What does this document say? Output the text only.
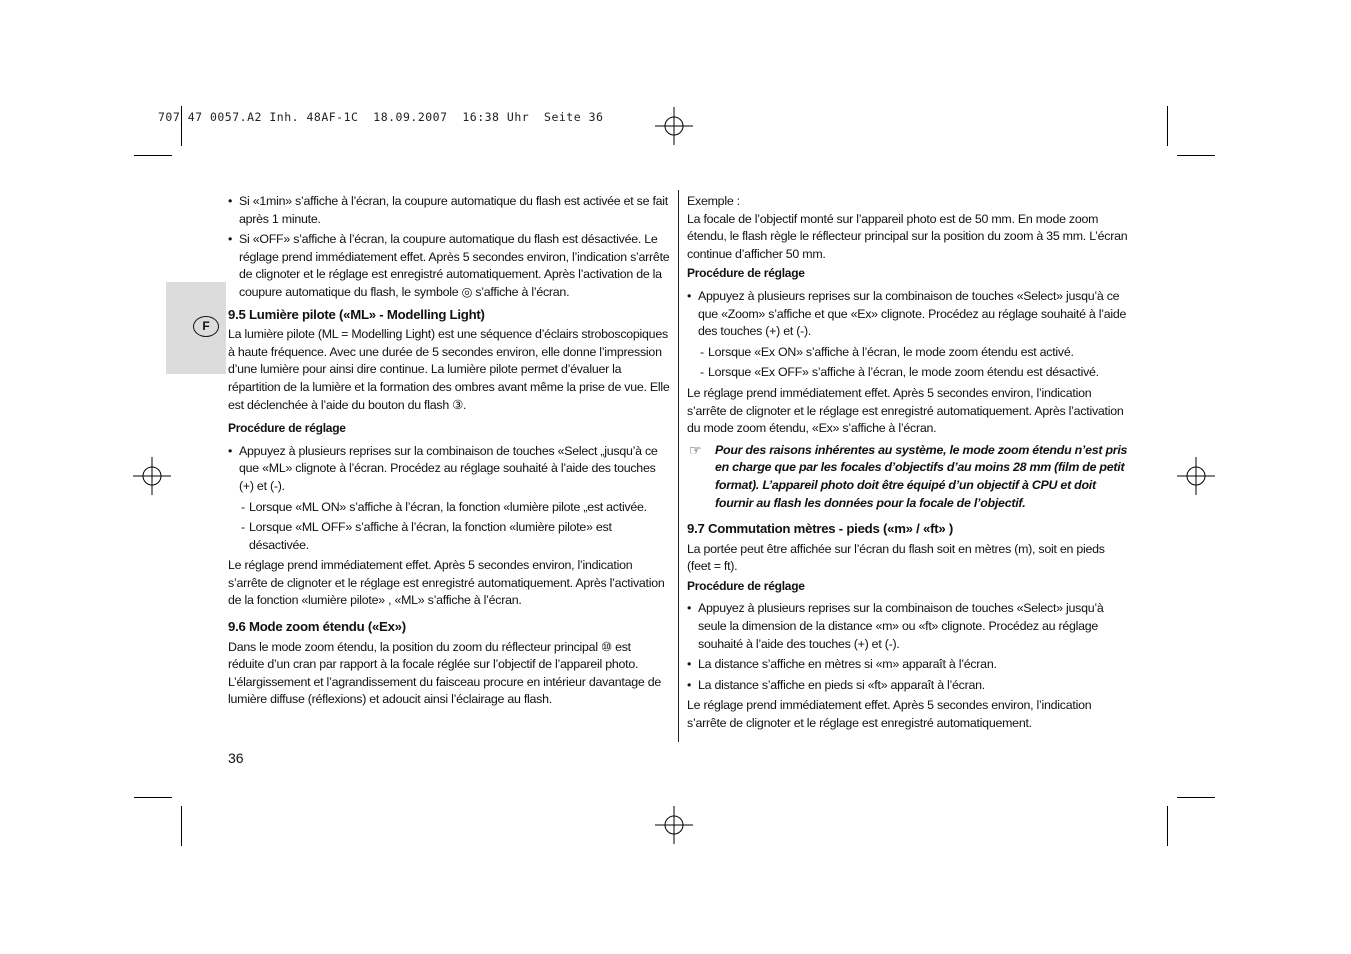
707 47 0057.A2 Inh. 48AF-1C  18.09.2007  16:38 Uhr  Seite 36
F

• Si «1min» s’affiche à l’écran, la coupure automatique du flash est activée et se fait après 1 minute.

• Si «OFF» s’affiche à l’écran, la coupure automatique du flash est désactivée. Le réglage prend immédiatement effet. Après 5 secondes environ, l’indication s’arrête de clignoter et le réglage est enregistré automatiquement. Après l’activation de la coupure automatique du flash, le symbole ◎ s’affiche à l’écran.

9.5 Lumière pilote («ML» - Modelling Light)

La lumière pilote (ML = Modelling Light) est une séquence d’éclairs stroboscopiques à haute fréquence. Avec une durée de 5 secondes environ, elle donne l’impression d’une lumière pour ainsi dire continue. La lumière pilote permet d’évaluer la répartition de la lumière et la formation des ombres avant même la prise de vue. Elle est déclenchée à l’aide du bouton du flash ③.

Procédure de réglage

• Appuyez à plusieurs reprises sur la combinaison de touches «Select „jusqu’à ce que «ML» clignote à l’écran. Procédez au réglage souhaité à l’aide des touches (+) et (-).

- Lorsque «ML ON» s’affiche à l’écran, la fonction «lumière pilote „est activée.

- Lorsque «ML OFF» s’affiche à l’écran, la fonction «lumière pilote» est désactivée.

Le réglage prend immédiatement effet. Après 5 secondes environ, l’indication s’arrête de clignoter et le réglage est enregistré automatiquement. Après l’activation de la fonction «lumière pilote» , «ML» s’affiche à l’écran.

9.6 Mode zoom étendu («Ex»)

Dans le mode zoom étendu, la position du zoom du réflecteur principal ⑩ est réduite d’un cran par rapport à la focale réglée sur l’objectif de l’appareil photo. L’élargissement et l’agrandissement du faisceau procure en intérieur davantage de lumière diffuse (réflexions) et adoucit ainsi l’éclairage au flash.

Exemple :

La focale de l’objectif monté sur l’appareil photo est de 50 mm. En mode zoom étendu, le flash règle le réflecteur principal sur la position du zoom à 35 mm. L’écran continue d’afficher 50 mm.

Procédure de réglage

• Appuyez à plusieurs reprises sur la combinaison de touches «Select» jusqu’à ce que «Zoom» s’affiche et que «Ex» clignote. Procédez au réglage souhaité à l’aide des touches (+) et (-).

- Lorsque «Ex ON» s’affiche à l’écran, le mode zoom étendu est activé.

- Lorsque «Ex OFF» s’affiche à l’écran, le mode zoom étendu est désactivé.

Le réglage prend immédiatement effet. Après 5 secondes environ, l’indication s’arrête de clignoter et le réglage est enregistré automatiquement. Après l’activation du mode zoom étendu, «Ex» s’affiche à l’écran.

☞ Pour des raisons inhérentes au système, le mode zoom étendu n’est pris en charge que par les focales d’objectifs d’au moins 28 mm (film de petit format). L’appareil photo doit être équipé d’un objectif à CPU et doit fournir au flash les données pour la focale de l’objectif.

9.7 Commutation mètres - pieds («m» / «ft» )

La portée peut être affichée sur l’écran du flash soit en mètres (m), soit en pieds (feet = ft).

Procédure de réglage

• Appuyez à plusieurs reprises sur la combinaison de touches «Select» jusqu’à seule la dimension de la distance «m» ou «ft» clignote. Procédez au réglage souhaité à l’aide des touches (+) et (-).

• La distance s’affiche en mètres si «m» apparaît à l’écran.

• La distance s’affiche en pieds si «ft» apparaît à l’écran.

Le réglage prend immédiatement effet. Après 5 secondes environ, l’indication s’arrête de clignoter et le réglage est enregistré automatiquement.

36
